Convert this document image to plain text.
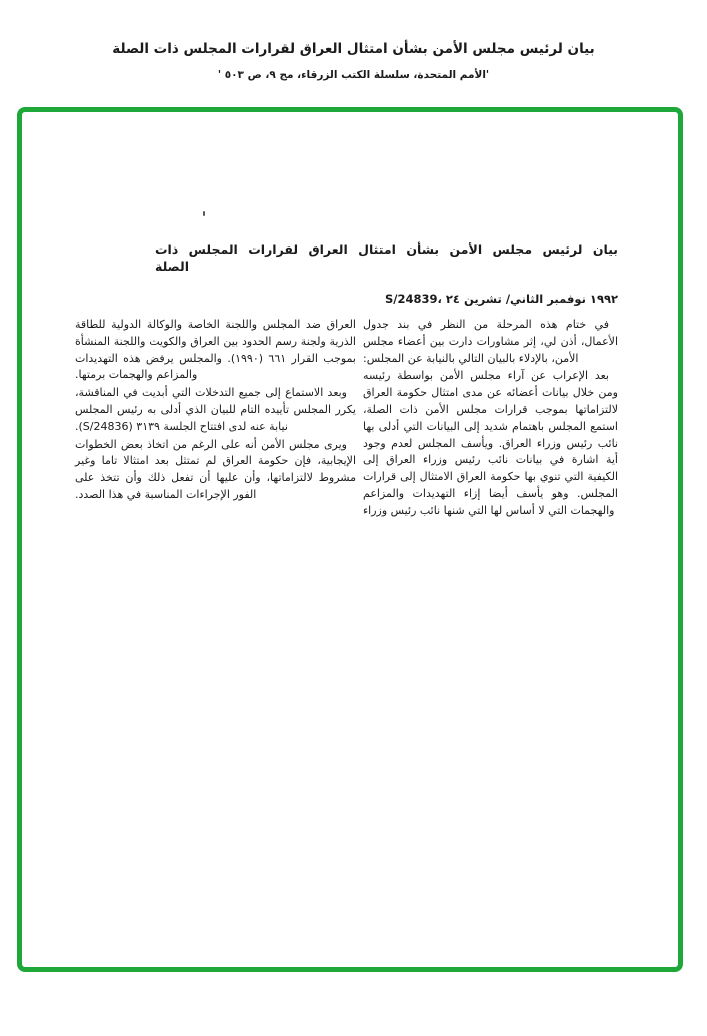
بيان لرئيس مجلس الأمن بشأن امتثال العراق لقرارات المجلس ذات الصلة
'الأمم المتحدة، سلسلة الكتب الزرقاء، مج ٩، ص ٥٠٣ '
بيان لرئيس مجلس الأمن بشأن امتثال العراق لقرارات المجلس ذات
الصلة
S/24839، ٢٤ تشرين الثاني/ نوفمبر ١٩٩٢

العراق ضد المجلس واللجنة الخاصة والوكالة الدولية للطاقة الذرية ولجنة رسم الحدود بين العراق والكويت واللجنة المنشأة بموجب القرار ٦٦١ (١٩٩٠). والمجلس يرفض هذه التهديدات والمزاعم والهجمات برمتها.

وبعد الاستماع إلى جميع التدخلات التي أبديت في المناقشة، يكرر المجلس تأييده التام للبيان الذي أدلى به رئيس المجلس نيابة عنه لدى افتتاح الجلسة ٣١٣٩ (S/24836).

ويرى مجلس الأمن أنه على الرغم من اتخاذ بعض الخطوات الإيجابية، فإن حكومة العراق لم تمتثل بعد امتثالا تاما وغير مشروط لالتزاماتها، وأن عليها أن تفعل ذلك وأن تتخذ على الفور الإجراءات المناسبة في هذا الصدد.

في ختام هذه المرحلة من النظر في بند جدول الأعمال، أذن لي، إثر مشاورات دارت بين أعضاء مجلس الأمن، بالإدلاء بالبيان التالي بالنيابة عن المجلس:

بعد الإعراب عن آراء مجلس الأمن بواسطة رئيسه ومن خلال بيانات أعضائه عن مدى امتثال حكومة العراق لالتزاماتها بموجب قرارات مجلس الأمن ذات الصلة، استمع المجلس باهتمام شديد إلى البيانات التي أدلى بها نائب رئيس وزراء العراق. ويأسف المجلس لعدم وجود أية اشارة في بيانات نائب رئيس وزراء العراق إلى الكيفية التي تنوي بها حكومة العراق الامتثال إلى قرارات المجلس. وهو يأسف أيضا إزاء التهديدات والمزاعم والهجمات التي لا أساس لها التي شنها نائب رئيس وزراء
